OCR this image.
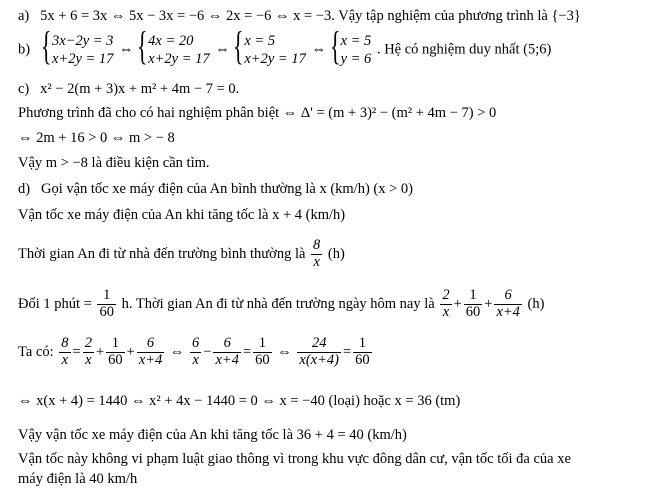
a) 5x + 6 = 3x ⇔ 5x − 3x = −6 ⇔ 2x = −6 ⇔ x = −3. Vậy tập nghiệm của phương trình là {−3}
b)
{ 3x−2y = 3
x+2y = 17
⇔
{ 4x = 20
x+2y = 17
⇔
{ x = 5
x+2y = 17
⇔
{ x = 5
y = 6
. Hệ có nghiệm duy nhất (5;6)
c) x² − 2(m + 3)x + m² + 4m − 7 = 0.
Phương trình đã cho có hai nghiệm phân biệt ⇔ Δ' = (m + 3)² − (m² + 4m − 7) > 0
⇔ 2m + 16 > 0 ⇔ m > − 8
Vậy m > −8 là điều kiện cần tìm.
d) Gọi vận tốc xe máy điện của An bình thường là x (km/h) (x > 0)
Vận tốc xe máy điện của An khi tăng tốc là x + 4 (km/h)
Thời gian An đi từ nhà đến trường bình thường là $\frac{8}{x} (h)$
Đổi 1 phút = $\frac{1}{60} h$. Thời gian An đi từ nhà đến trường ngày hôm nay là $\frac{2}{x} + \frac{1}{60} + \frac{6}{x+4} (h)$
Ta có: $\frac{8}{x} = \frac{2}{x} + \frac{1}{60} + \frac{6}{x+4}$ ⇔ $\frac{6}{x} - \frac{6}{x+4} = \frac{1}{60}$ ⇔ $\frac{24}{x(x+4)} = \frac{1}{60}$
⇔ x(x + 4) = 1440 ⇔ x² + 4x − 1440 = 0 ⇔ x = −40 (loại) hoặc x = 36 (tm)
Vậy vận tốc xe máy điện của An khi tăng tốc là 36 + 4 = 40 (km/h)
Vận tốc này không vi phạm luật giao thông vì trong khu vực đông dân cư, vận tốc tối đa của xe
máy điện là 40 km/h
